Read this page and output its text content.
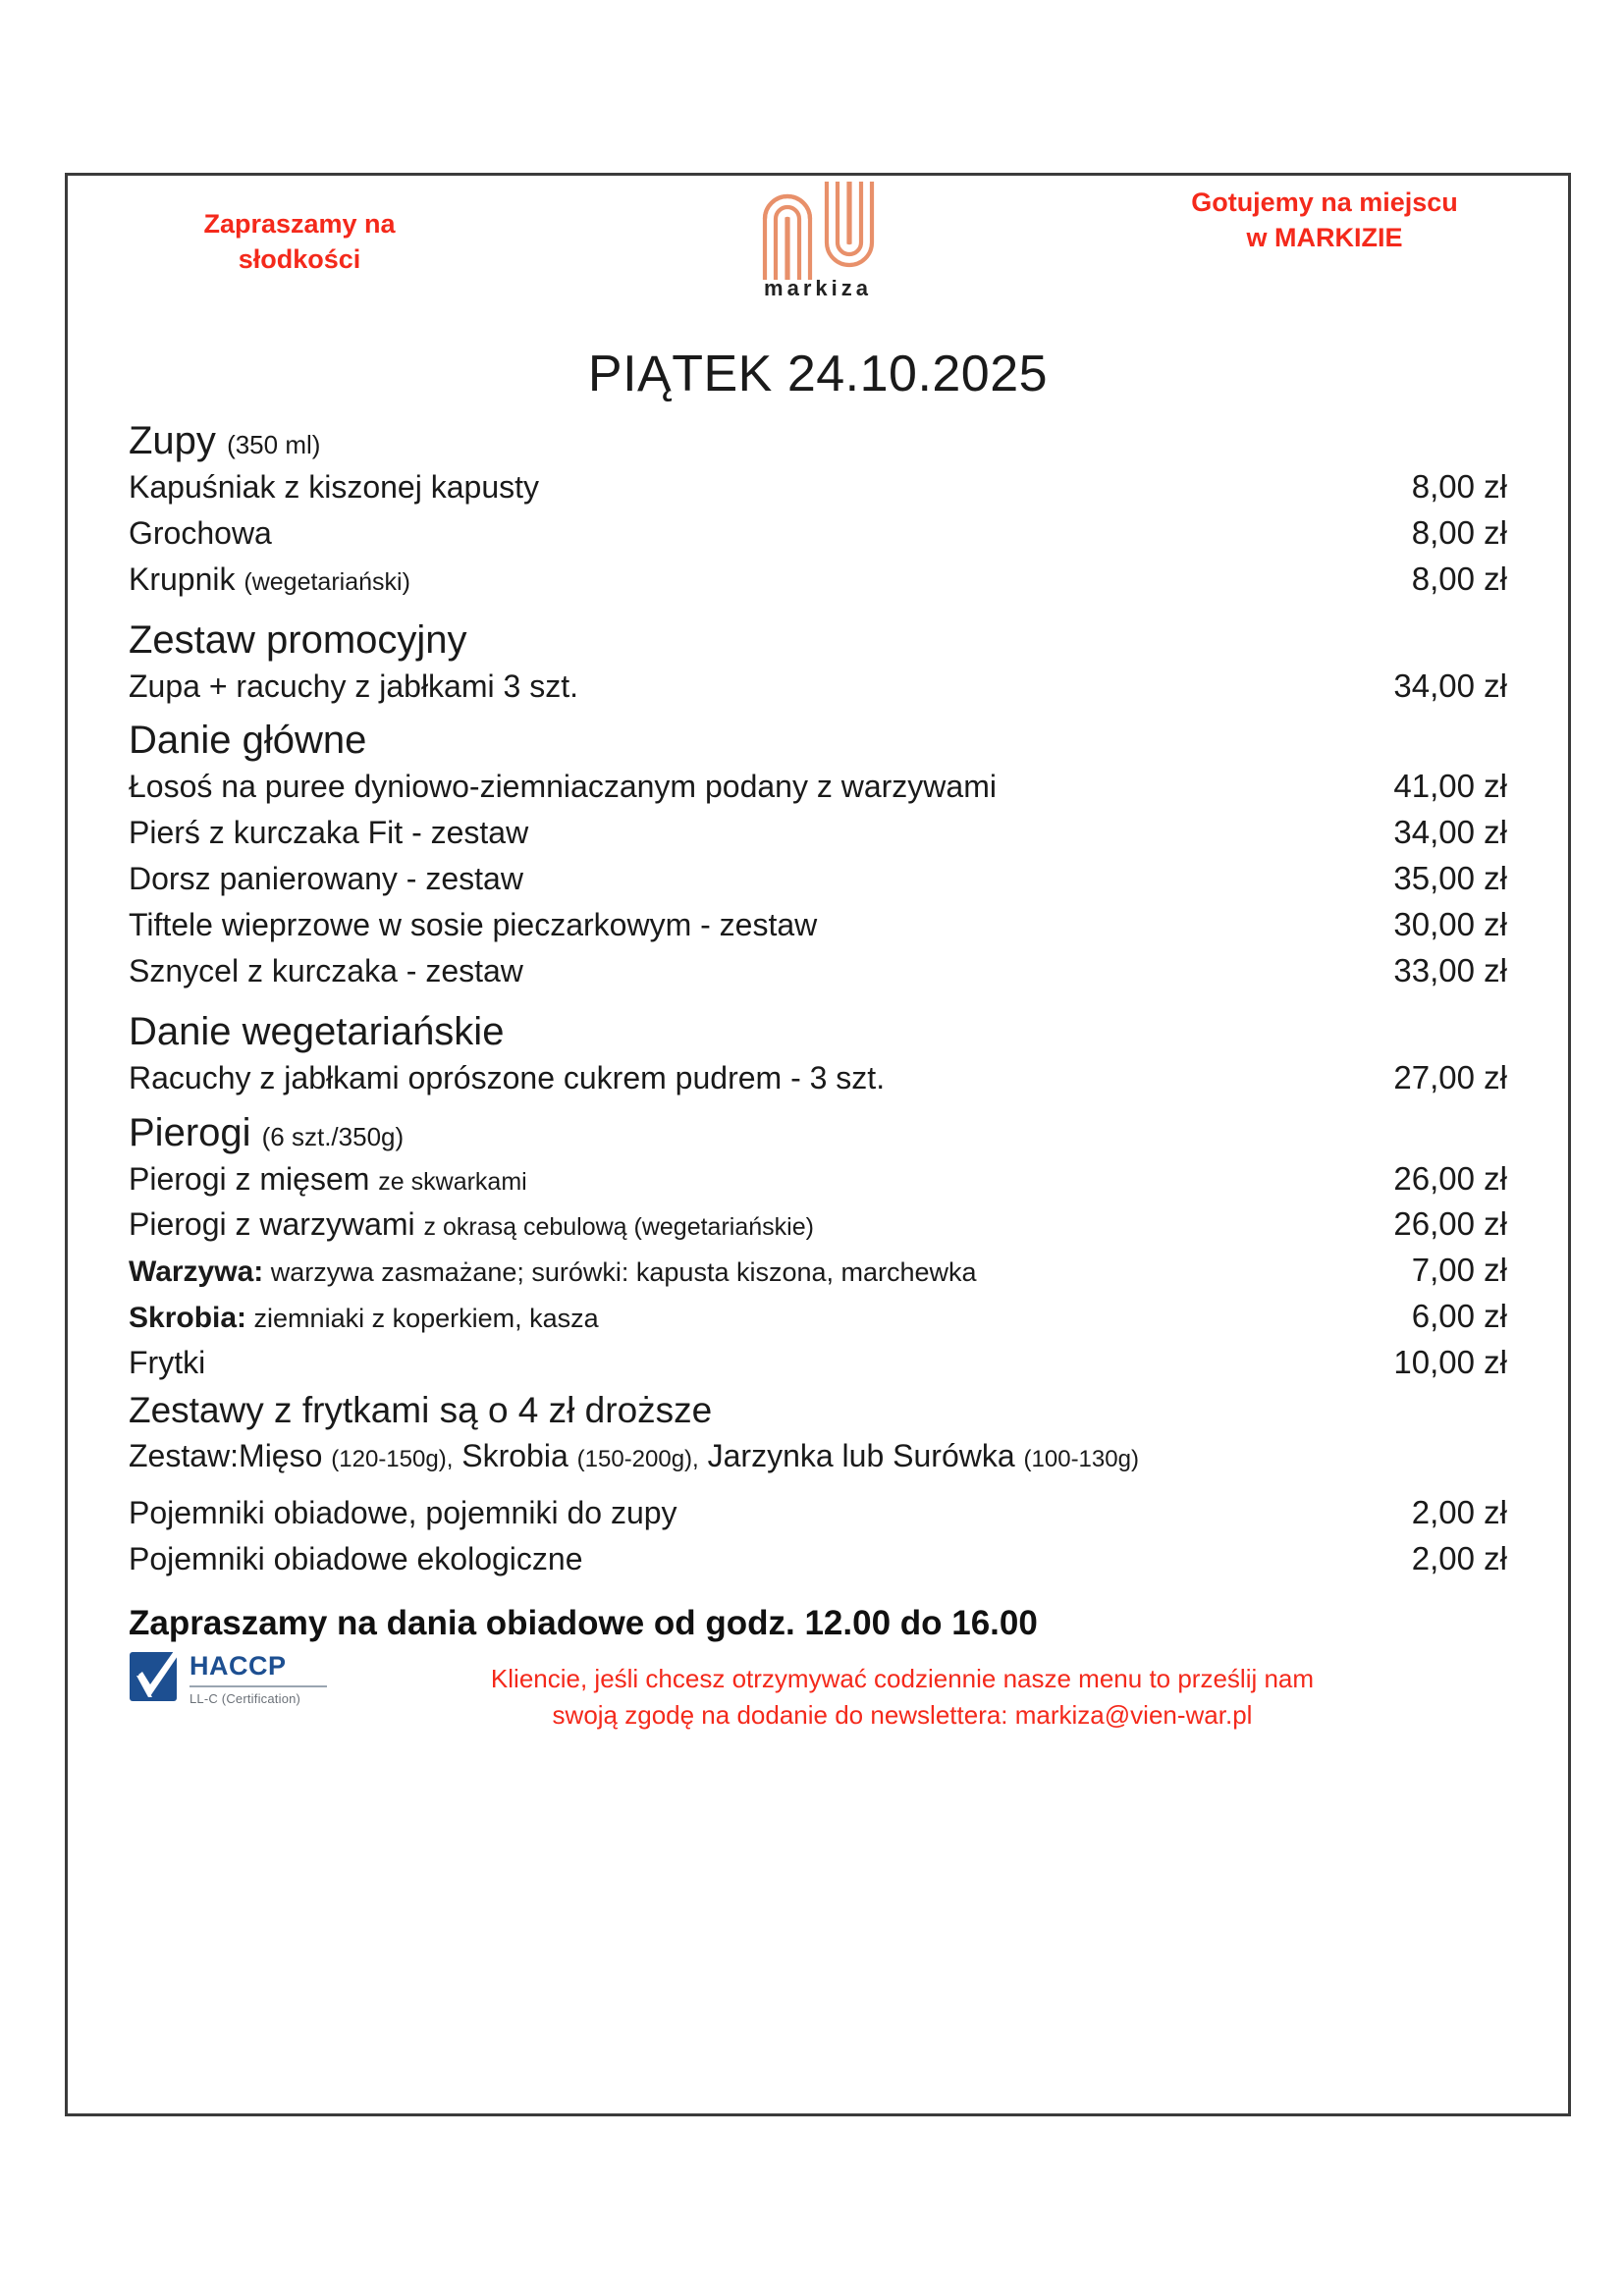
Zapraszamy na
słodkości
markiza
Gotujemy na miejscu
w MARKIZIE
PIĄTEK 24.10.2025
Zupy (350 ml)
Kapuśniak z kiszonej kapusty	8,00 zł
Grochowa	8,00 zł
Krupnik (wegetariański)	8,00 zł
Zestaw promocyjny
Zupa + racuchy z jabłkami 3 szt.	34,00 zł
Danie główne
Łosoś na puree dyniowo-ziemniaczanym podany z warzywami	41,00 zł
Pierś z kurczaka Fit - zestaw	34,00 zł
Dorsz panierowany - zestaw	35,00 zł
Tiftele wieprzowe w sosie pieczarkowym - zestaw	30,00 zł
Sznycel z kurczaka - zestaw	33,00 zł
Danie wegetariańskie
Racuchy z jabłkami oprószone cukrem pudrem - 3 szt.	27,00 zł
Pierogi (6 szt./350g)
Pierogi z mięsem ze skwarkami	26,00 zł
Pierogi z warzywami z okrasą cebulową (wegetariańskie)	26,00 zł
Warzywa: warzywa zasmażane; surówki: kapusta kiszona, marchewka	7,00 zł
Skrobia: ziemniaki z koperkiem, kasza	6,00 zł
Frytki	10,00 zł
Zestawy z frytkami są o 4 zł droższe
Zestaw:Mięso (120-150g), Skrobia (150-200g), Jarzynka lub Surówka (100-130g)
Pojemniki obiadowe, pojemniki do zupy	2,00 zł
Pojemniki obiadowe ekologiczne	2,00 zł
Zapraszamy na dania obiadowe od godz. 12.00 do 16.00
HACCP
LL-C (Certification)
Kliencie, jeśli chcesz otrzymywać codziennie nasze menu to prześlij nam
swoją zgodę na dodanie do newslettera: markiza@vien-war.pl
